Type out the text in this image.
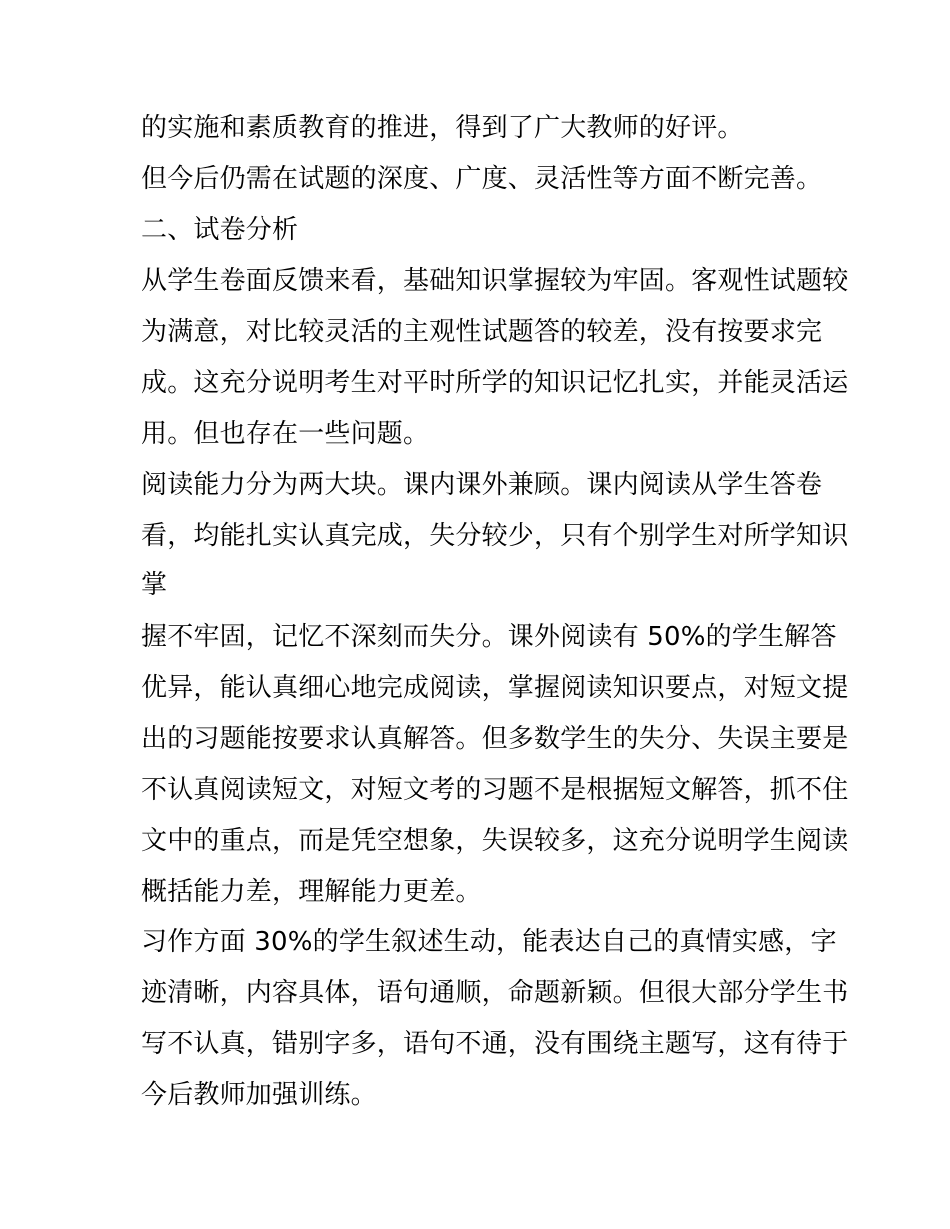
的实施和素质教育的推进，得到了广大教师的好评。
但今后仍需在试题的深度、广度、灵活性等方面不断完善。
二、试卷分析
从学生卷面反馈来看，基础知识掌握较为牢固。客观性试题较
为满意，对比较灵活的主观性试题答的较差，没有按要求完
成。这充分说明考生对平时所学的知识记忆扎实，并能灵活运
用。但也存在一些问题。
阅读能力分为两大块。课内课外兼顾。课内阅读从学生答卷
看，均能扎实认真完成，失分较少，只有个别学生对所学知识
掌
握不牢固，记忆不深刻而失分。课外阅读有 50%的学生解答
优异，能认真细心地完成阅读，掌握阅读知识要点，对短文提
出的习题能按要求认真解答。但多数学生的失分、失误主要是
不认真阅读短文，对短文考的习题不是根据短文解答，抓不住
文中的重点，而是凭空想象，失误较多，这充分说明学生阅读
概括能力差，理解能力更差。
习作方面 30%的学生叙述生动，能表达自己的真情实感，字
迹清晰，内容具体，语句通顺，命题新颖。但很大部分学生书
写不认真，错别字多，语句不通，没有围绕主题写，这有待于
今后教师加强训练。
